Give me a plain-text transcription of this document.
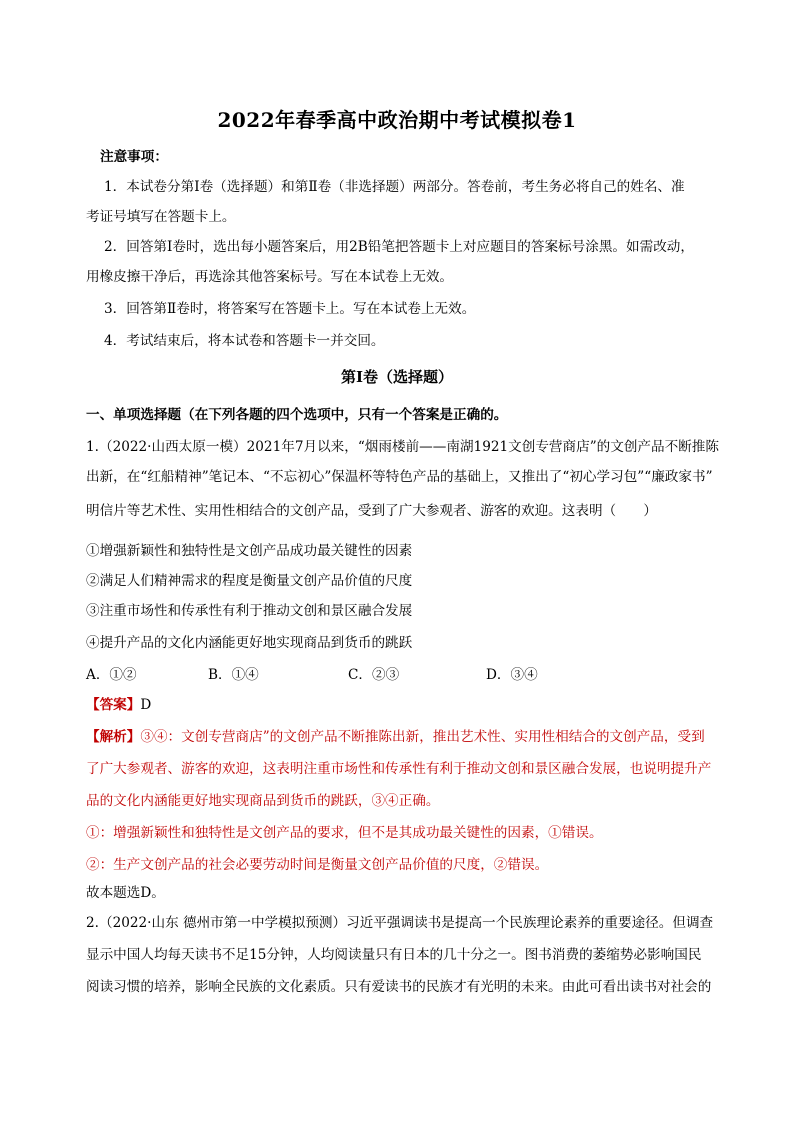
2022年春季高中政治期中考试模拟卷1
注意事项：
1．本试卷分第Ⅰ卷（选择题）和第Ⅱ卷（非选择题）两部分。答卷前，考生务必将自己的姓名、准
考证号填写在答题卡上。
2．回答第Ⅰ卷时，选出每小题答案后，用2B铅笔把答题卡上对应题目的答案标号涂黑。如需改动，
用橡皮擦干净后，再选涂其他答案标号。写在本试卷上无效。
3．回答第Ⅱ卷时，将答案写在答题卡上。写在本试卷上无效。
4．考试结束后，将本试卷和答题卡一并交回。
第Ⅰ卷（选择题）
一、单项选择题（在下列各题的四个选项中，只有一个答案是正确的。
1.（2022·山西太原一模）2021年7月以来，“烟雨楼前——南湖1921文创专营商店”的文创产品不断推陈
出新，在“红船精神”笔记本、“不忘初心”保温杯等特色产品的基础上，又推出了“初心学习包”“廉政家书”
明信片等艺术性、实用性相结合的文创产品，受到了广大参观者、游客的欢迎。这表明（　　）
①增强新颖性和独特性是文创产品成功最关键性的因素
②满足人们精神需求的程度是衡量文创产品价值的尺度
③注重市场性和传承性有利于推动文创和景区融合发展
④提升产品的文化内涵能更好地实现商品到货币的跳跃
A．①②	B．①④	C．②③	D．③④
【答案】D
【解析】③④：文创专营商店”的文创产品不断推陈出新，推出艺术性、实用性相结合的文创产品，受到
了广大参观者、游客的欢迎，这表明注重市场性和传承性有利于推动文创和景区融合发展，也说明提升产
品的文化内涵能更好地实现商品到货币的跳跃，③④正确。
①：增强新颖性和独特性是文创产品的要求，但不是其成功最关键性的因素，①错误。
②：生产文创产品的社会必要劳动时间是衡量文创产品价值的尺度，②错误。
故本题选D。
2.（2022·山东 德州市第一中学模拟预测）习近平强调读书是提高一个民族理论素养的重要途径。但调查
显示中国人均每天读书不足15分钟，人均阅读量只有日本的几十分之一。图书消费的萎缩势必影响国民
阅读习惯的培养，影响全民族的文化素质。只有爱读书的民族才有光明的未来。由此可看出读书对社会的
